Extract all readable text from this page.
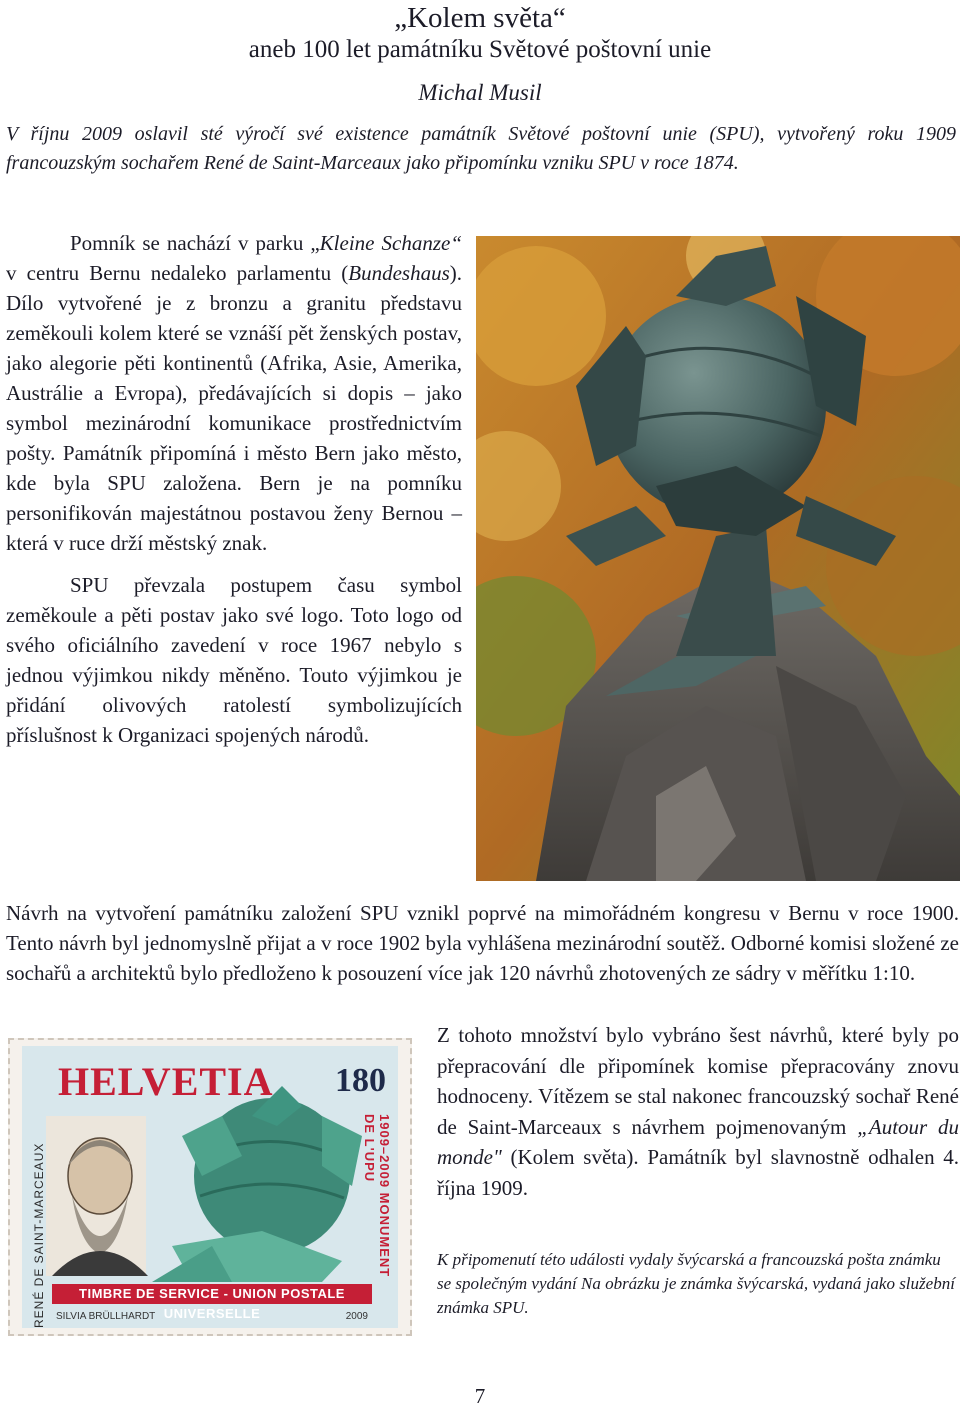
„Kolem světa“
aneb 100 let památníku Světové poštovní unie
Michal Musil
V říjnu 2009 oslavil sté výročí své existence památník Světové poštovní unie (SPU), vytvořený roku 1909 francouzským sochařem René de Saint-Marceaux jako připomínku vzniku SPU v roce 1874.

Pomník se nachází v parku „Kleine Schanze“ v centru Bernu nedaleko parlamentu (Bundeshaus). Dílo vytvořené je z bronzu a granitu představu zeměkouli kolem které se vznáší pět ženských postav, jako alegorie pěti kontinentů (Afrika, Asie, Amerika, Austrálie a Evropa), předávajících si dopis – jako symbol mezinárodní komunikace prostřednictvím pošty. Památník připomíná i město Bern jako město, kde byla SPU založena. Bern je na pomníku personifikován majestátnou postavou ženy Bernou – která v ruce drží městský znak.

SPU převzala postupem času symbol zeměkoule a pěti postav jako své logo. Toto logo od svého oficiálního zavedení v roce 1967 nebylo s jednou výjimkou nikdy měněno. Touto výjimkou je přidání olivových ratolestí symbolizujících příslušnost k Organizaci spojených národů.

Návrh na vytvoření památníku založení SPU vznikl poprvé na mimořádném kongresu v Bernu v roce 1900. Tento návrh byl jednomyslně přijat a v roce 1902 byla vyhlášena mezinárodní soutěž. Odborné komisi složené ze sochařů a architektů bylo předloženo k posouzení více jak 120 návrhů zhotovených ze sádry v měřítku 1:10.
HELVETIA 180
RENÉ DE SAINT-MARCEAUX	1909–2009 MONUMENT DE L'UPU
TIMBRE DE SERVICE - UNION POSTALE UNIVERSELLE
SILVIA BRÜLLHARDT	2009
Z tohoto množství bylo vybráno šest návrhů, které byly po přepracování dle připomínek komise přepracovány znovu hodnoceny. Vítězem se stal nakonec francouzský sochař René de Saint-Marceaux s návrhem pojmenovaným „Autour du monde" (Kolem světa). Památník byl slavnostně odhalen 4. října 1909.
K připomenutí této události vydaly švýcarská a francouzská pošta známku se společným vydání Na obrázku je známka švýcarská, vydaná jako služební známka SPU.
7
